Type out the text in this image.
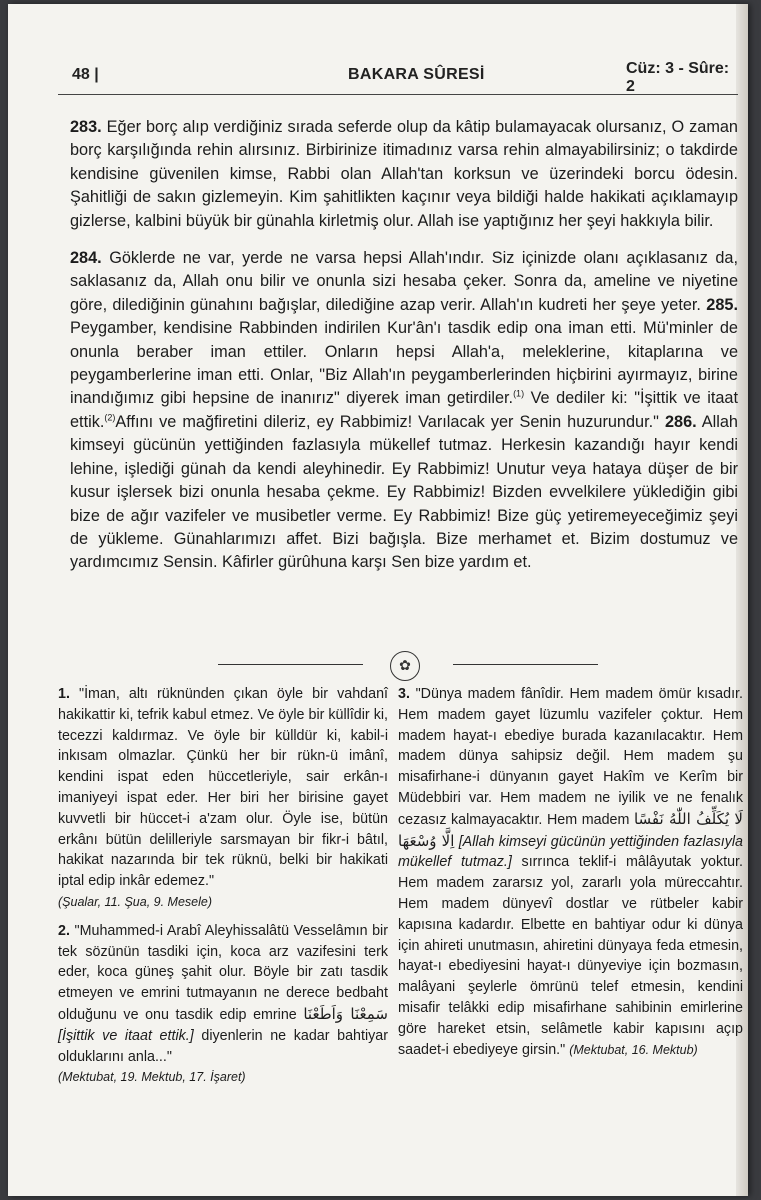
48 |	BAKARA SÛRESİ	Cüz: 3 - Sûre: 2

283. Eğer borç alıp verdiğiniz sırada seferde olup da kâtip bulamayacak olursanız, O zaman borç karşılığında rehin alırsınız. Birbirinize itimadınız varsa rehin almayabilirsiniz; o takdirde kendisine güvenilen kimse, Rabbi olan Allah'tan korksun ve üzerindeki borcu ödesin. Şahitliği de sakın gizlemeyin. Kim şahitlikten kaçınır veya bildiği halde hakikati açıklamayıp gizlerse, kalbini büyük bir günahla kirletmiş olur. Allah ise yaptığınız her şeyi hakkıyla bilir.

284. Göklerde ne var, yerde ne varsa hepsi Allah'ındır. Siz içinizde olanı açıklasanız da, saklasanız da, Allah onu bilir ve onunla sizi hesaba çeker. Sonra da, ameline ve niyetine göre, dilediğinin günahını bağışlar, dilediğine azap verir. Allah'ın kudreti her şeye yeter. 285. Peygamber, kendisine Rabbinden indirilen Kur'ân'ı tasdik edip ona iman etti. Mü'minler de onunla beraber iman ettiler. Onların hepsi Allah'a, meleklerine, kitaplarına ve peygamberlerine iman etti. Onlar, "Biz Allah'ın peygamberlerinden hiçbirini ayırmayız, birine inandığımız gibi hepsine de inanırız" diyerek iman getirdiler.$^{(1)}$ Ve dediler ki: "İşittik ve itaat ettik.$^{(2)}$Affını ve mağfiretini dileriz, ey Rabbimiz! Varılacak yer Senin huzurundur." 286. Allah kimseyi gücünün yettiğinden fazlasıyla mükellef tutmaz. Herkesin kazandığı hayır kendi lehine, işlediği günah da kendi aleyhinedir. Ey Rabbimiz! Unutur veya hataya düşer de bir kusur işlersek bizi onunla hesaba çekme. Ey Rabbimiz! Bizden evvelkilere yüklediğin gibi bize de ağır vazifeler ve musibetler verme. Ey Rabbimiz! Bize güç yetiremeyeceğimiz şeyi de yükleme. Günahlarımızı affet. Bizi bağışla. Bize merhamet et. Bizim dostumuz ve yardımcımız Sensin. Kâfirler gürûhuna karşı Sen bize yardım et.

✿

1. "İman, altı rüknünden çıkan öyle bir vahdanî hakikattir ki, tefrik kabul etmez. Ve öyle bir küllîdir ki, tecezzi kaldırmaz. Ve öyle bir külldür ki, kabil-i inkısam olmazlar. Çünkü her bir rükn-ü imânî, kendini ispat eden hüccetleriyle, sair erkân-ı imaniyeyi ispat eder. Her biri her birisine gayet kuvvetli bir hüccet-i a'zam olur. Öyle ise, bütün erkânı bütün delilleriyle sarsmayan bir fikr-i bâtıl, hakikat nazarında bir tek rüknü, belki bir hakikati iptal edip inkâr edemez."
(Şualar, 11. Şua, 9. Mesele)

2. "Muhammed-i Arabî Aleyhissalâtü Vesselâmın bir tek sözünün tasdiki için, koca arz vazifesini terk eder, koca güneş şahit olur. Böyle bir zatı tasdik etmeyen ve emrini tutmayanın ne derece bedbaht olduğunu ve onu tasdik edip emrine سَمِعْنَا وَاَطَعْنَا [İşittik ve itaat ettik.] diyenlerin ne kadar bahtiyar olduklarını anla..."
(Mektubat, 19. Mektub, 17. İşaret)

3. "Dünya madem fânîdir. Hem madem ömür kısadır. Hem madem gayet lüzumlu vazifeler çoktur. Hem madem hayat-ı ebediye burada kazanılacaktır. Hem madem dünya sahipsiz değil. Hem madem şu misafirhane-i dünyanın gayet Hakîm ve Kerîm bir Müdebbiri var. Hem madem ne iyilik ve ne fenalık cezasız kalmayacaktır. Hem madem لَا يُكَلِّفُ اللّٰهُ نَفْسًا اِلَّا وُسْعَهَا [Allah kimseyi gücünün yettiğinden fazlasıyla mükellef tutmaz.] sırrınca teklif-i mâlâyutak yoktur. Hem madem zararsız yol, zararlı yola müreccahtır. Hem madem dünyevî dostlar ve rütbeler kabir kapısına kadardır. Elbette en bahtiyar odur ki dünya için ahireti unutmasın, ahiretini dünyaya feda etmesin, hayat-ı ebediyesini hayat-ı dünyeviye için bozmasın, malâyani şeylerle ömrünü telef etmesin, kendini misafir telâkki edip misafirhane sahibinin emirlerine göre hareket etsin, selâmetle kabir kapısını açıp saadet-i ebediyeye girsin." (Mektubat, 16. Mektub)
